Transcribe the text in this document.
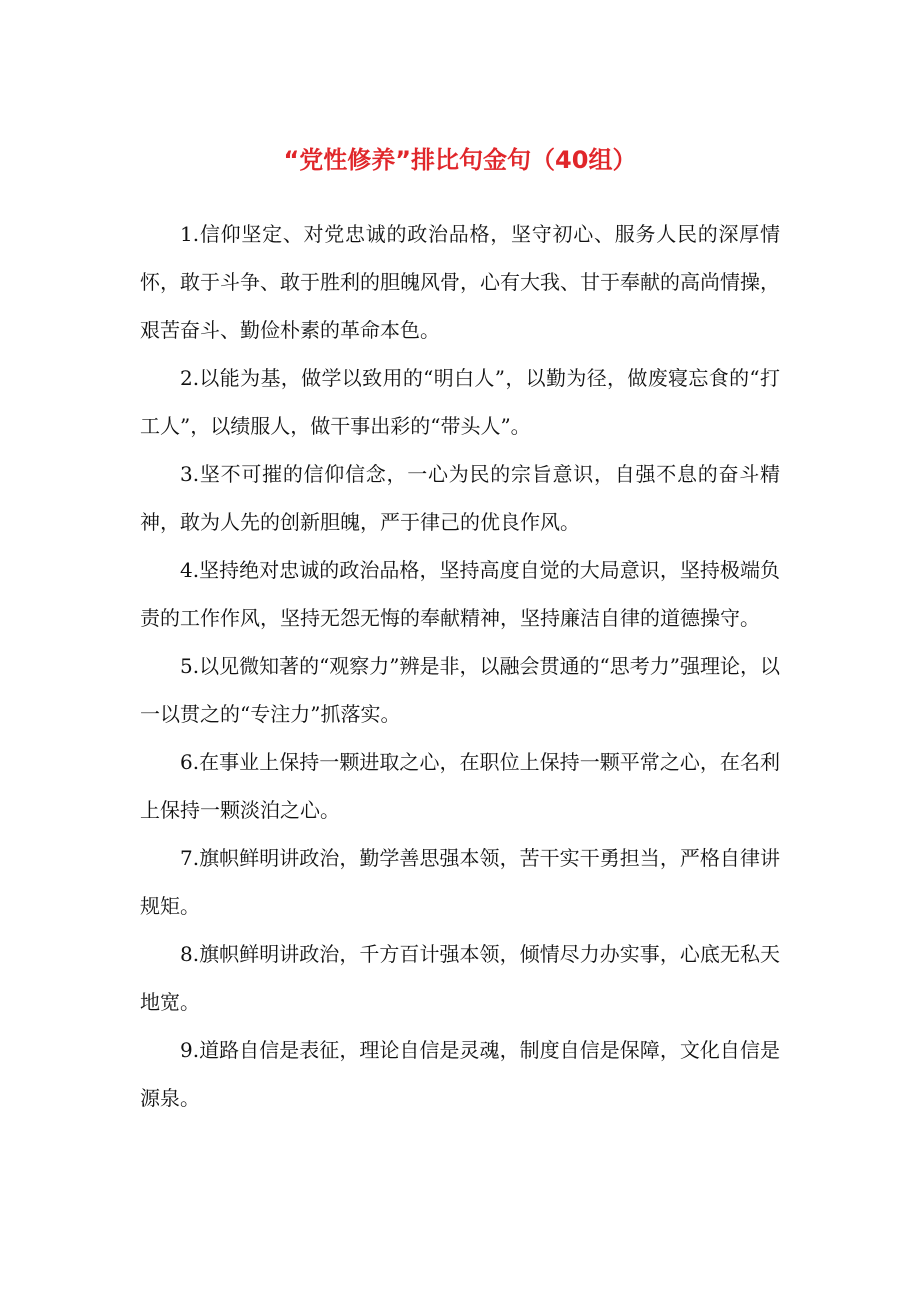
“党性修养”排比句金句（40组）

1.信仰坚定、对党忠诚的政治品格，坚守初心、服务人民的深厚情怀，敢于斗争、敢于胜利的胆魄风骨，心有大我、甘于奉献的高尚情操，艰苦奋斗、勤俭朴素的革命本色。

2.以能为基，做学以致用的“明白人”，以勤为径，做废寝忘食的“打工人”，以绩服人，做干事出彩的“带头人”。

3.坚不可摧的信仰信念，一心为民的宗旨意识，自强不息的奋斗精神，敢为人先的创新胆魄，严于律己的优良作风。

4.坚持绝对忠诚的政治品格，坚持高度自觉的大局意识，坚持极端负责的工作作风，坚持无怨无悔的奉献精神，坚持廉洁自律的道德操守。

5.以见微知著的“观察力”辨是非，以融会贯通的“思考力”强理论，以一以贯之的“专注力”抓落实。

6.在事业上保持一颗进取之心，在职位上保持一颗平常之心，在名利上保持一颗淡泊之心。

7.旗帜鲜明讲政治，勤学善思强本领，苦干实干勇担当，严格自律讲规矩。

8.旗帜鲜明讲政治，千方百计强本领，倾情尽力办实事，心底无私天地宽。

9.道路自信是表征，理论自信是灵魂，制度自信是保障，文化自信是源泉。
